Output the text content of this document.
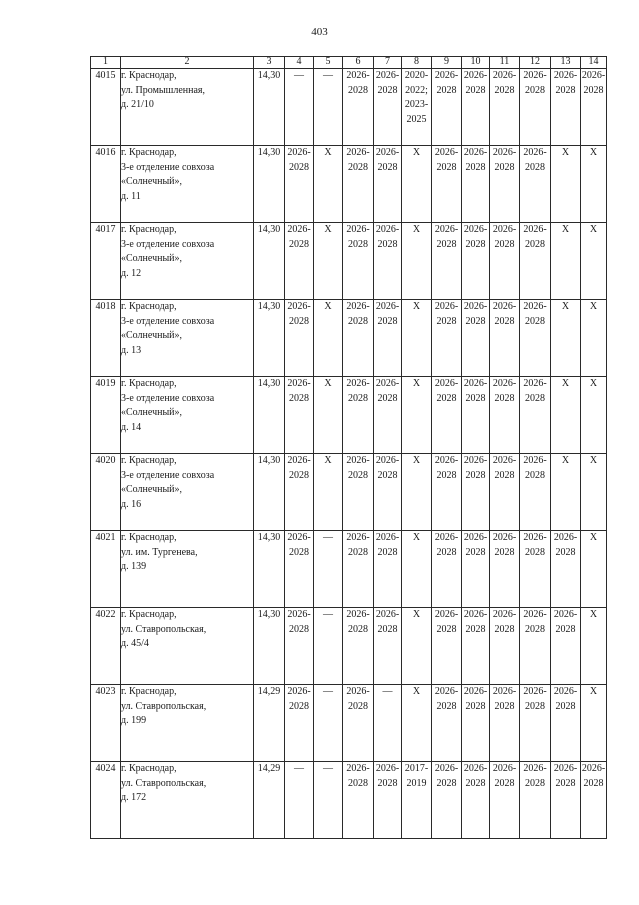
403
1	2	3	4	5	6	7	8	9	10	11	12	13	14
4015	г. Краснодар,
ул. Промышленная,
д. 21/10	14,30	—	—	2026-
2028	2026-
2028	2020-
2022;
2023-
2025	2026-
2028	2026-
2028	2026-
2028	2026-
2028	2026-
2028	2026-
2028
4016	г. Краснодар,
3-е отделение совхоза
«Солнечный»,
д. 11	14,30	2026-
2028	X	2026-
2028	2026-
2028	X	2026-
2028	2026-
2028	2026-
2028	2026-
2028	X	X
4017	г. Краснодар,
3-е отделение совхоза
«Солнечный»,
д. 12	14,30	2026-
2028	X	2026-
2028	2026-
2028	X	2026-
2028	2026-
2028	2026-
2028	2026-
2028	X	X
4018	г. Краснодар,
3-е отделение совхоза
«Солнечный»,
д. 13	14,30	2026-
2028	X	2026-
2028	2026-
2028	X	2026-
2028	2026-
2028	2026-
2028	2026-
2028	X	X
4019	г. Краснодар,
3-е отделение совхоза
«Солнечный»,
д. 14	14,30	2026-
2028	X	2026-
2028	2026-
2028	X	2026-
2028	2026-
2028	2026-
2028	2026-
2028	X	X
4020	г. Краснодар,
3-е отделение совхоза
«Солнечный»,
д. 16	14,30	2026-
2028	X	2026-
2028	2026-
2028	X	2026-
2028	2026-
2028	2026-
2028	2026-
2028	X	X
4021	г. Краснодар,
ул. им. Тургенева,
д. 139	14,30	2026-
2028	—	2026-
2028	2026-
2028	X	2026-
2028	2026-
2028	2026-
2028	2026-
2028	2026-
2028	X
4022	г. Краснодар,
ул. Ставропольская,
д. 45/4	14,30	2026-
2028	—	2026-
2028	2026-
2028	X	2026-
2028	2026-
2028	2026-
2028	2026-
2028	2026-
2028	X
4023	г. Краснодар,
ул. Ставропольская,
д. 199	14,29	2026-
2028	—	2026-
2028	—	X	2026-
2028	2026-
2028	2026-
2028	2026-
2028	2026-
2028	X
4024	г. Краснодар,
ул. Ставропольская,
д. 172	14,29	—	—	2026-
2028	2026-
2028	2017-
2019	2026-
2028	2026-
2028	2026-
2028	2026-
2028	2026-
2028	2026-
2028
